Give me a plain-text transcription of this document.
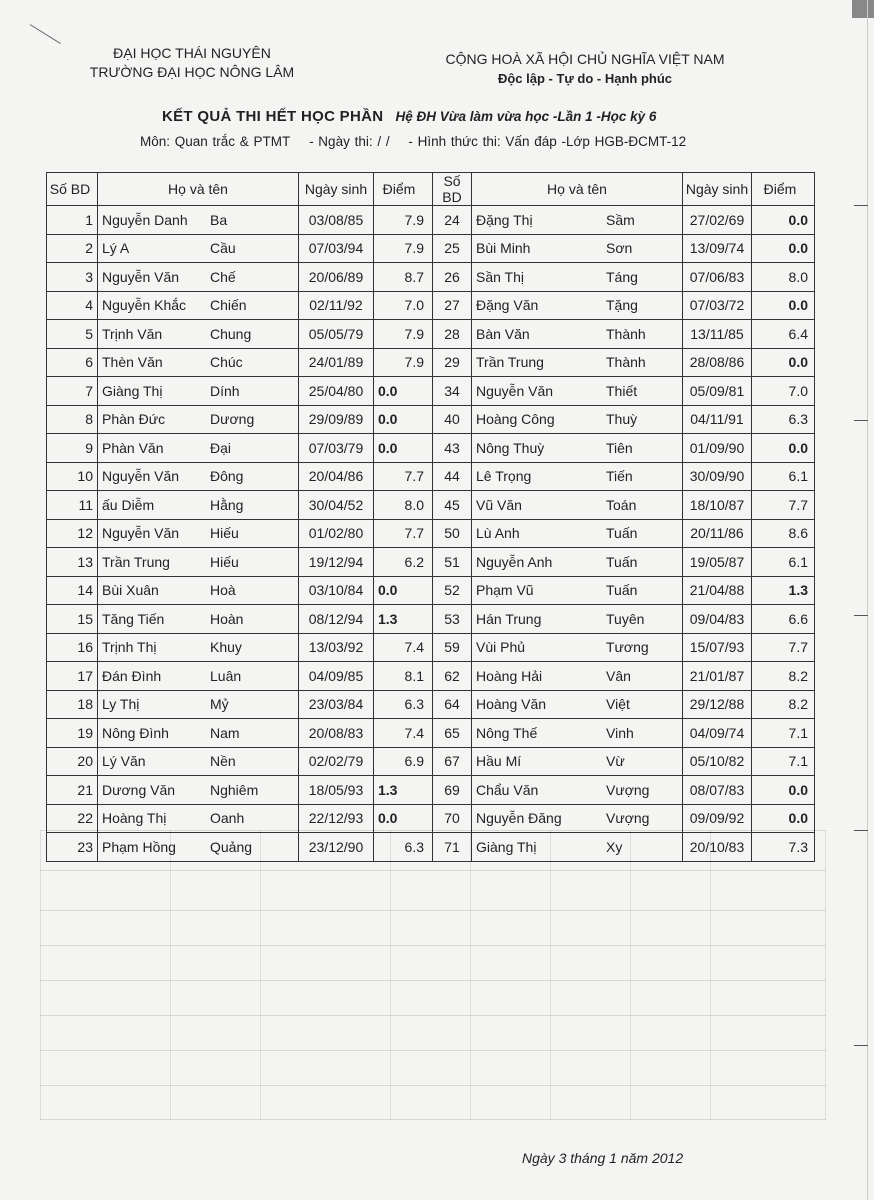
ĐẠI HỌC THÁI NGUYÊN
TRƯỜNG ĐẠI HỌC NÔNG LÂM
CỘNG HOÀ XÃ HỘI CHỦ NGHĨA VIỆT NAM
Độc lập - Tự do - Hạnh phúc
KẾT QUẢ THI HẾT HỌC PHẦN Hệ ĐH Vừa làm vừa học -Lần 1 -Học kỳ 6
Môn: Quan trắc & PTMT - Ngày thi: / / - Hình thức thi: Vấn đáp -Lớp HGB-ĐCMT-12
Số BD	Họ và tên		Ngày sinh	Điểm	Số BD	Họ và tên		Ngày sinh	Điểm
1	Nguyễn Danh	Ba	03/08/85	7.9	24	Đặng Thị	Sầm	27/02/69	0.0
2	Lý A	Cầu	07/03/94	7.9	25	Bùi Minh	Sơn	13/09/74	0.0
3	Nguyễn Văn	Chế	20/06/89	8.7	26	Sần Thị	Táng	07/06/83	8.0
4	Nguyễn Khắc	Chiến	02/11/92	7.0	27	Đặng Văn	Tặng	07/03/72	0.0
5	Trịnh Văn	Chung	05/05/79	7.9	28	Bàn Văn	Thành	13/11/85	6.4
6	Thèn Văn	Chúc	24/01/89	7.9	29	Trần Trung	Thành	28/08/86	0.0
7	Giàng Thị	Dính	25/04/80	0.0	34	Nguyễn Văn	Thiết	05/09/81	7.0
8	Phàn Đức	Dương	29/09/89	0.0	40	Hoàng Công	Thuỳ	04/11/91	6.3
9	Phàn Văn	Đại	07/03/79	0.0	43	Nông Thuỳ	Tiên	01/09/90	0.0
10	Nguyễn Văn	Đông	20/04/86	7.7	44	Lê Trọng	Tiến	30/09/90	6.1
11	ấu Diễm	Hằng	30/04/52	8.0	45	Vũ Văn	Toán	18/10/87	7.7
12	Nguyễn Văn	Hiếu	01/02/80	7.7	50	Lù Anh	Tuấn	20/11/86	8.6
13	Trần Trung	Hiếu	19/12/94	6.2	51	Nguyễn Anh	Tuấn	19/05/87	6.1
14	Bùi Xuân	Hoà	03/10/84	0.0	52	Phạm Vũ	Tuấn	21/04/88	1.3
15	Tăng Tiến	Hoàn	08/12/94	1.3	53	Hán Trung	Tuyên	09/04/83	6.6
16	Trịnh Thị	Khuy	13/03/92	7.4	59	Vùi Phủ	Tương	15/07/93	7.7
17	Đán Đình	Luân	04/09/85	8.1	62	Hoàng Hải	Vân	21/01/87	8.2
18	Ly Thị	Mỷ	23/03/84	6.3	64	Hoàng Văn	Việt	29/12/88	8.2
19	Nông Đình	Nam	20/08/83	7.4	65	Nông Thế	Vinh	04/09/74	7.1
20	Lý Văn	Nền	02/02/79	6.9	67	Hầu Mí	Vừ	05/10/82	7.1
21	Dương Văn	Nghiêm	18/05/93	1.3	69	Chẩu Văn	Vượng	08/07/83	0.0
22	Hoàng Thị	Oanh	22/12/93	0.0	70	Nguyễn Đăng	Vượng	09/09/92	0.0
23	Phạm Hồng	Quảng	23/12/90	6.3	71	Giàng Thị	Xy	20/10/83	7.3
Ngày 3 tháng 1 năm 2012
